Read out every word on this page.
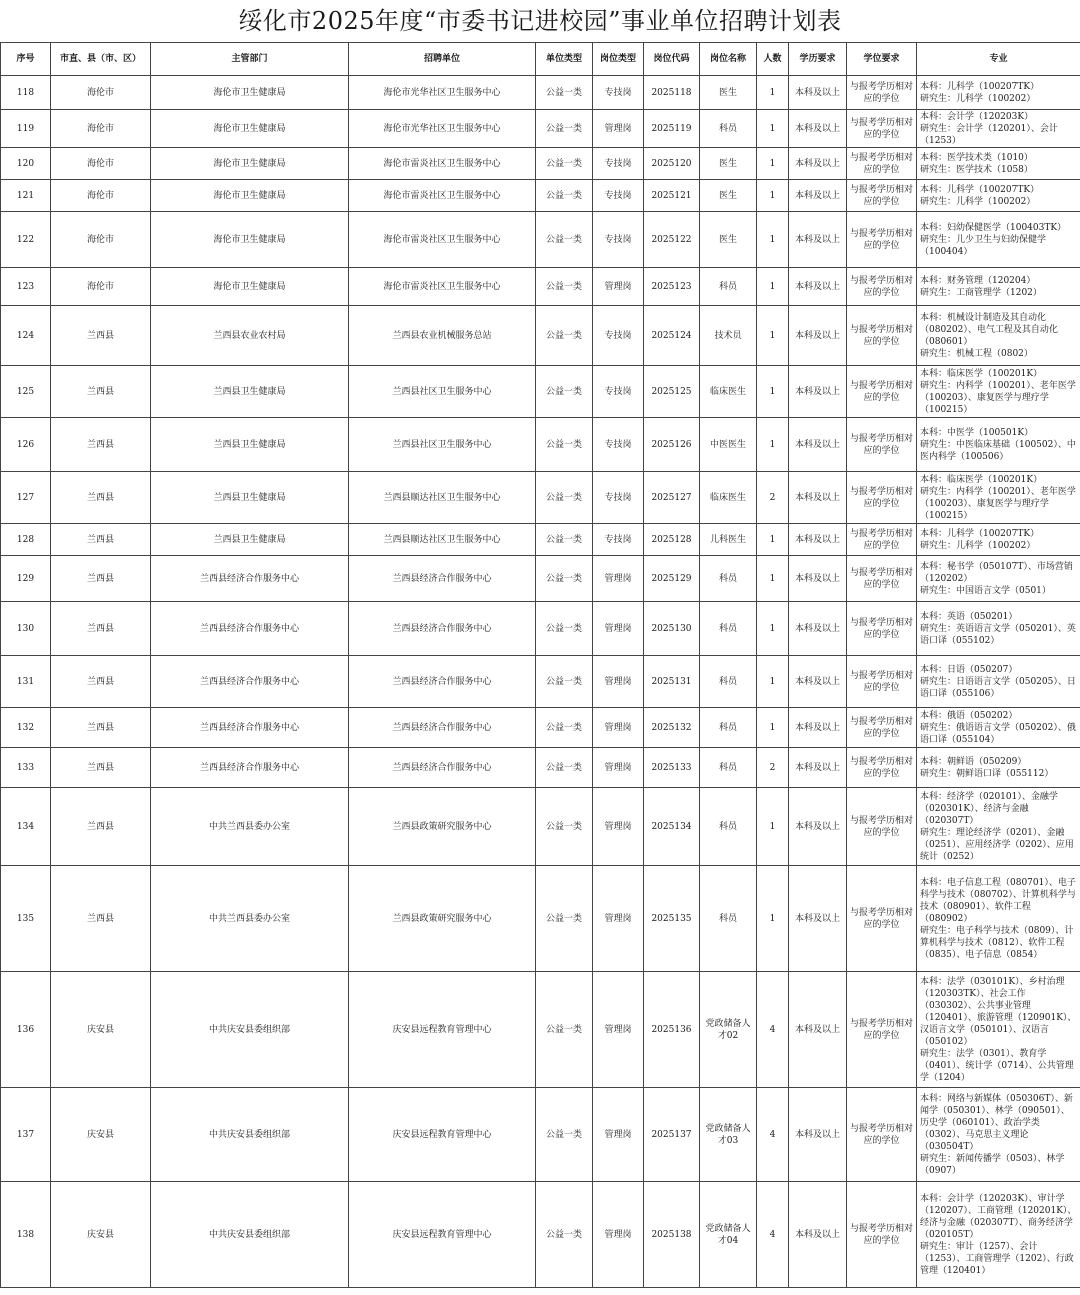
绥化市2025年度“市委书记进校园”事业单位招聘计划表
序号	市直、县（市、区）	主管部门	招聘单位	单位类型	岗位类型	岗位代码	岗位名称	人数	学历要求	学位要求	专业
118	海伦市	海伦市卫生健康局	海伦市光华社区卫生服务中心	公益一类	专技岗	2025118	医生	1	本科及以上	与报考学历相对应的学位	本科：儿科学（100207TK）
研究生：儿科学（100202）
119	海伦市	海伦市卫生健康局	海伦市光华社区卫生服务中心	公益一类	管理岗	2025119	科员	1	本科及以上	与报考学历相对应的学位	本科：会计学（120203K）
研究生：会计学（120201）、会计（1253）
120	海伦市	海伦市卫生健康局	海伦市雷炎社区卫生服务中心	公益一类	专技岗	2025120	医生	1	本科及以上	与报考学历相对应的学位	本科：医学技术类（1010）
研究生：医学技术（1058）
121	海伦市	海伦市卫生健康局	海伦市雷炎社区卫生服务中心	公益一类	专技岗	2025121	医生	1	本科及以上	与报考学历相对应的学位	本科：儿科学（100207TK）
研究生：儿科学（100202）
122	海伦市	海伦市卫生健康局	海伦市雷炎社区卫生服务中心	公益一类	专技岗	2025122	医生	1	本科及以上	与报考学历相对应的学位	本科：妇幼保健医学（100403TK）
研究生：儿少卫生与妇幼保健学（100404）
123	海伦市	海伦市卫生健康局	海伦市雷炎社区卫生服务中心	公益一类	管理岗	2025123	科员	1	本科及以上	与报考学历相对应的学位	本科：财务管理（120204）
研究生：工商管理学（1202）
124	兰西县	兰西县农业农村局	兰西县农业机械服务总站	公益一类	专技岗	2025124	技术员	1	本科及以上	与报考学历相对应的学位	本科：机械设计制造及其自动化（080202）、电气工程及其自动化（080601）
研究生：机械工程（0802）
125	兰西县	兰西县卫生健康局	兰西县社区卫生服务中心	公益一类	专技岗	2025125	临床医生	1	本科及以上	与报考学历相对应的学位	本科：临床医学（100201K）
研究生：内科学（100201）、老年医学（100203）、康复医学与理疗学（100215）
126	兰西县	兰西县卫生健康局	兰西县社区卫生服务中心	公益一类	专技岗	2025126	中医医生	1	本科及以上	与报考学历相对应的学位	本科：中医学（100501K）
研究生：中医临床基础（100502）、中医内科学（100506）
127	兰西县	兰西县卫生健康局	兰西县顺达社区卫生服务中心	公益一类	专技岗	2025127	临床医生	2	本科及以上	与报考学历相对应的学位	本科：临床医学（100201K）
研究生：内科学（100201）、老年医学（100203）、康复医学与理疗学（100215）
128	兰西县	兰西县卫生健康局	兰西县顺达社区卫生服务中心	公益一类	专技岗	2025128	儿科医生	1	本科及以上	与报考学历相对应的学位	本科：儿科学（100207TK）
研究生：儿科学（100202）
129	兰西县	兰西县经济合作服务中心	兰西县经济合作服务中心	公益一类	管理岗	2025129	科员	1	本科及以上	与报考学历相对应的学位	本科：秘书学（050107T）、市场营销（120202）
研究生：中国语言文学（0501）
130	兰西县	兰西县经济合作服务中心	兰西县经济合作服务中心	公益一类	管理岗	2025130	科员	1	本科及以上	与报考学历相对应的学位	本科：英语（050201）
研究生：英语语言文学（050201）、英语口译（055102）
131	兰西县	兰西县经济合作服务中心	兰西县经济合作服务中心	公益一类	管理岗	2025131	科员	1	本科及以上	与报考学历相对应的学位	本科：日语（050207）
研究生：日语语言文学（050205）、日语口译（055106）
132	兰西县	兰西县经济合作服务中心	兰西县经济合作服务中心	公益一类	管理岗	2025132	科员	1	本科及以上	与报考学历相对应的学位	本科：俄语（050202）
研究生：俄语语言文学（050202）、俄语口译（055104）
133	兰西县	兰西县经济合作服务中心	兰西县经济合作服务中心	公益一类	管理岗	2025133	科员	2	本科及以上	与报考学历相对应的学位	本科：朝鲜语（050209）
研究生：朝鲜语口译（055112）
134	兰西县	中共兰西县委办公室	兰西县政策研究服务中心	公益一类	管理岗	2025134	科员	1	本科及以上	与报考学历相对应的学位	本科：经济学（020101）、金融学（020301K）、经济与金融（020307T）
研究生：理论经济学（0201）、金融（0251）、应用经济学（0202）、应用统计（0252）
135	兰西县	中共兰西县委办公室	兰西县政策研究服务中心	公益一类	管理岗	2025135	科员	1	本科及以上	与报考学历相对应的学位	本科：电子信息工程（080701）、电子科学与技术（080702）、计算机科学与技术（080901）、软件工程（080902）
研究生：电子科学与技术（0809）、计算机科学与技术（0812）、软件工程（0835）、电子信息（0854）
136	庆安县	中共庆安县委组织部	庆安县远程教育管理中心	公益一类	管理岗	2025136	党政储备人才02	4	本科及以上	与报考学历相对应的学位	本科：法学（030101K）、乡村治理（120303TK）、社会工作（030302）、公共事业管理（120401）、旅游管理（120901K）、汉语言文学（050101）、汉语言（050102）
研究生：法学（0301）、教育学（0401）、统计学（0714）、公共管理学（1204）
137	庆安县	中共庆安县委组织部	庆安县远程教育管理中心	公益一类	管理岗	2025137	党政储备人才03	4	本科及以上	与报考学历相对应的学位	本科：网络与新媒体（050306T）、新闻学（050301）、林学（090501）、历史学（060101）、政治学类（0302）、马克思主义理论（030504T）
研究生：新闻传播学（0503）、林学（0907）
138	庆安县	中共庆安县委组织部	庆安县远程教育管理中心	公益一类	管理岗	2025138	党政储备人才04	4	本科及以上	与报考学历相对应的学位	本科：会计学（120203K）、审计学（120207）、工商管理（120201K）、经济与金融（020307T）、商务经济学（020105T）
研究生：审计（1257）、会计（1253）、工商管理学（1202）、行政管理（120401）
